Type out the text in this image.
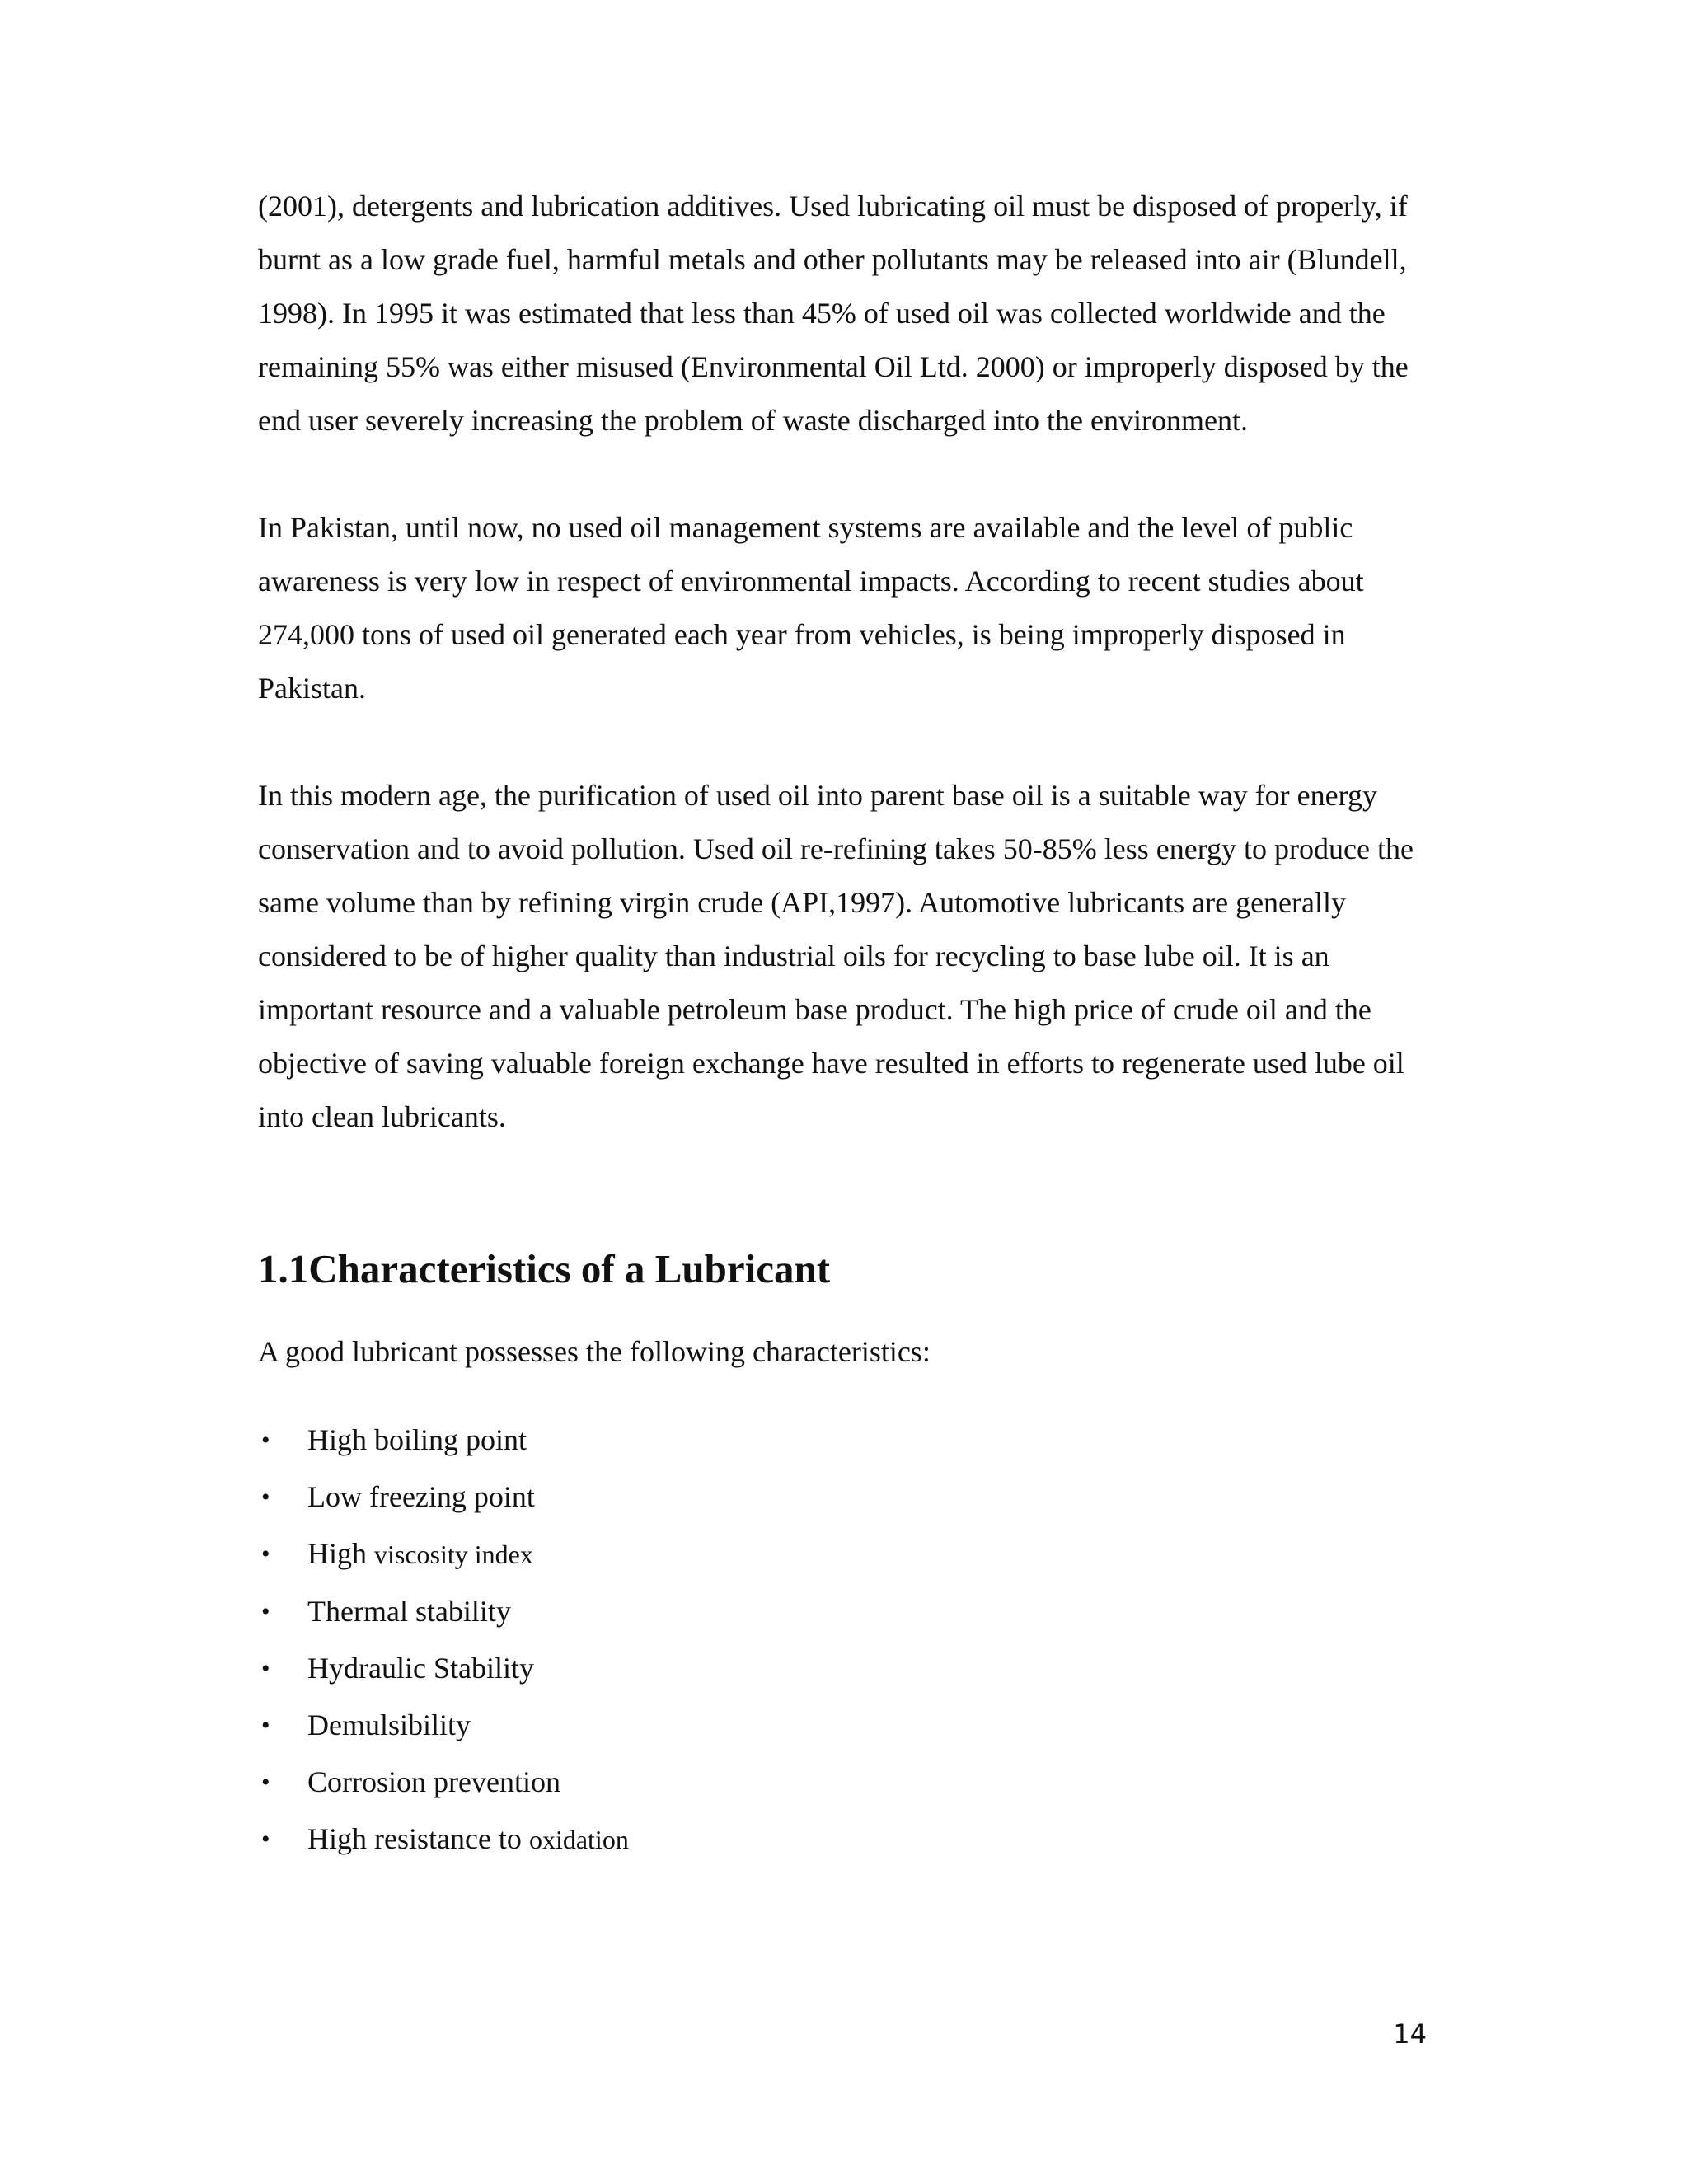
(2001), detergents and lubrication additives. Used lubricating oil must be disposed of properly, if burnt as a low grade fuel, harmful metals and other pollutants may be released into air (Blundell, 1998). In 1995 it was estimated that less than 45% of used oil was collected worldwide and the remaining 55% was either misused (Environmental Oil Ltd. 2000) or improperly disposed by the end user severely increasing the problem of waste discharged into the environment.

In Pakistan, until now, no used oil management systems are available and the level of public awareness is very low in respect of environmental impacts. According to recent studies about 274,000 tons of used oil generated each year from vehicles, is being improperly disposed in Pakistan.

In this modern age, the purification of used oil into parent base oil is a suitable way for energy conservation and to avoid pollution. Used oil re-refining takes 50-85% less energy to produce the same volume than by refining virgin crude (API,1997). Automotive lubricants are generally considered to be of higher quality than industrial oils for recycling to base lube oil. It is an important resource and a valuable petroleum base product. The high price of crude oil and the objective of saving valuable foreign exchange have resulted in efforts to regenerate used lube oil into clean lubricants.

1.1Characteristics of a Lubricant

A good lubricant possesses the following characteristics:

• High boiling point
• Low freezing point
• High viscosity index
• Thermal stability
• Hydraulic Stability
• Demulsibility
• Corrosion prevention
• High resistance to oxidation
14
